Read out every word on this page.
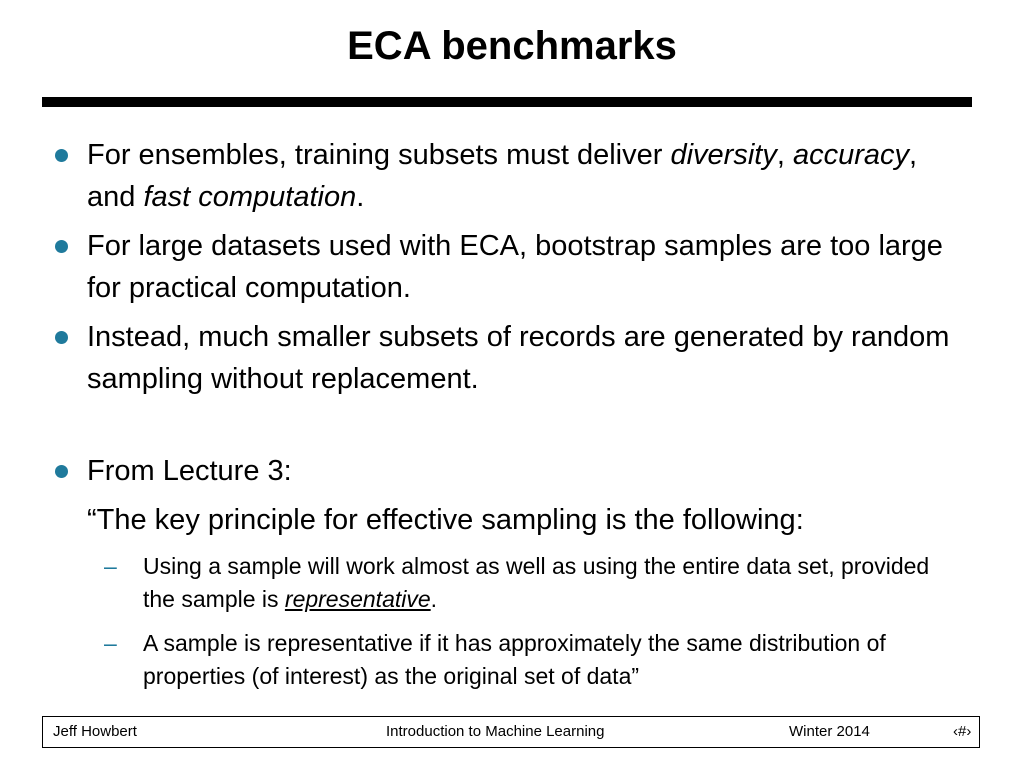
ECA benchmarks
For ensembles, training subsets must deliver diversity, accuracy, and fast computation.
For large datasets used with ECA, bootstrap samples are too large for practical computation.
Instead, much smaller subsets of records are generated by random sampling without replacement.
From Lecture 3:
“The key principle for effective sampling is the following:
– Using a sample will work almost as well as using the entire data set, provided the sample is representative.
– A sample is representative if it has approximately the same distribution of properties (of interest) as the original set of data”
Jeff Howbert	Introduction to Machine Learning	Winter 2014	‹#›
